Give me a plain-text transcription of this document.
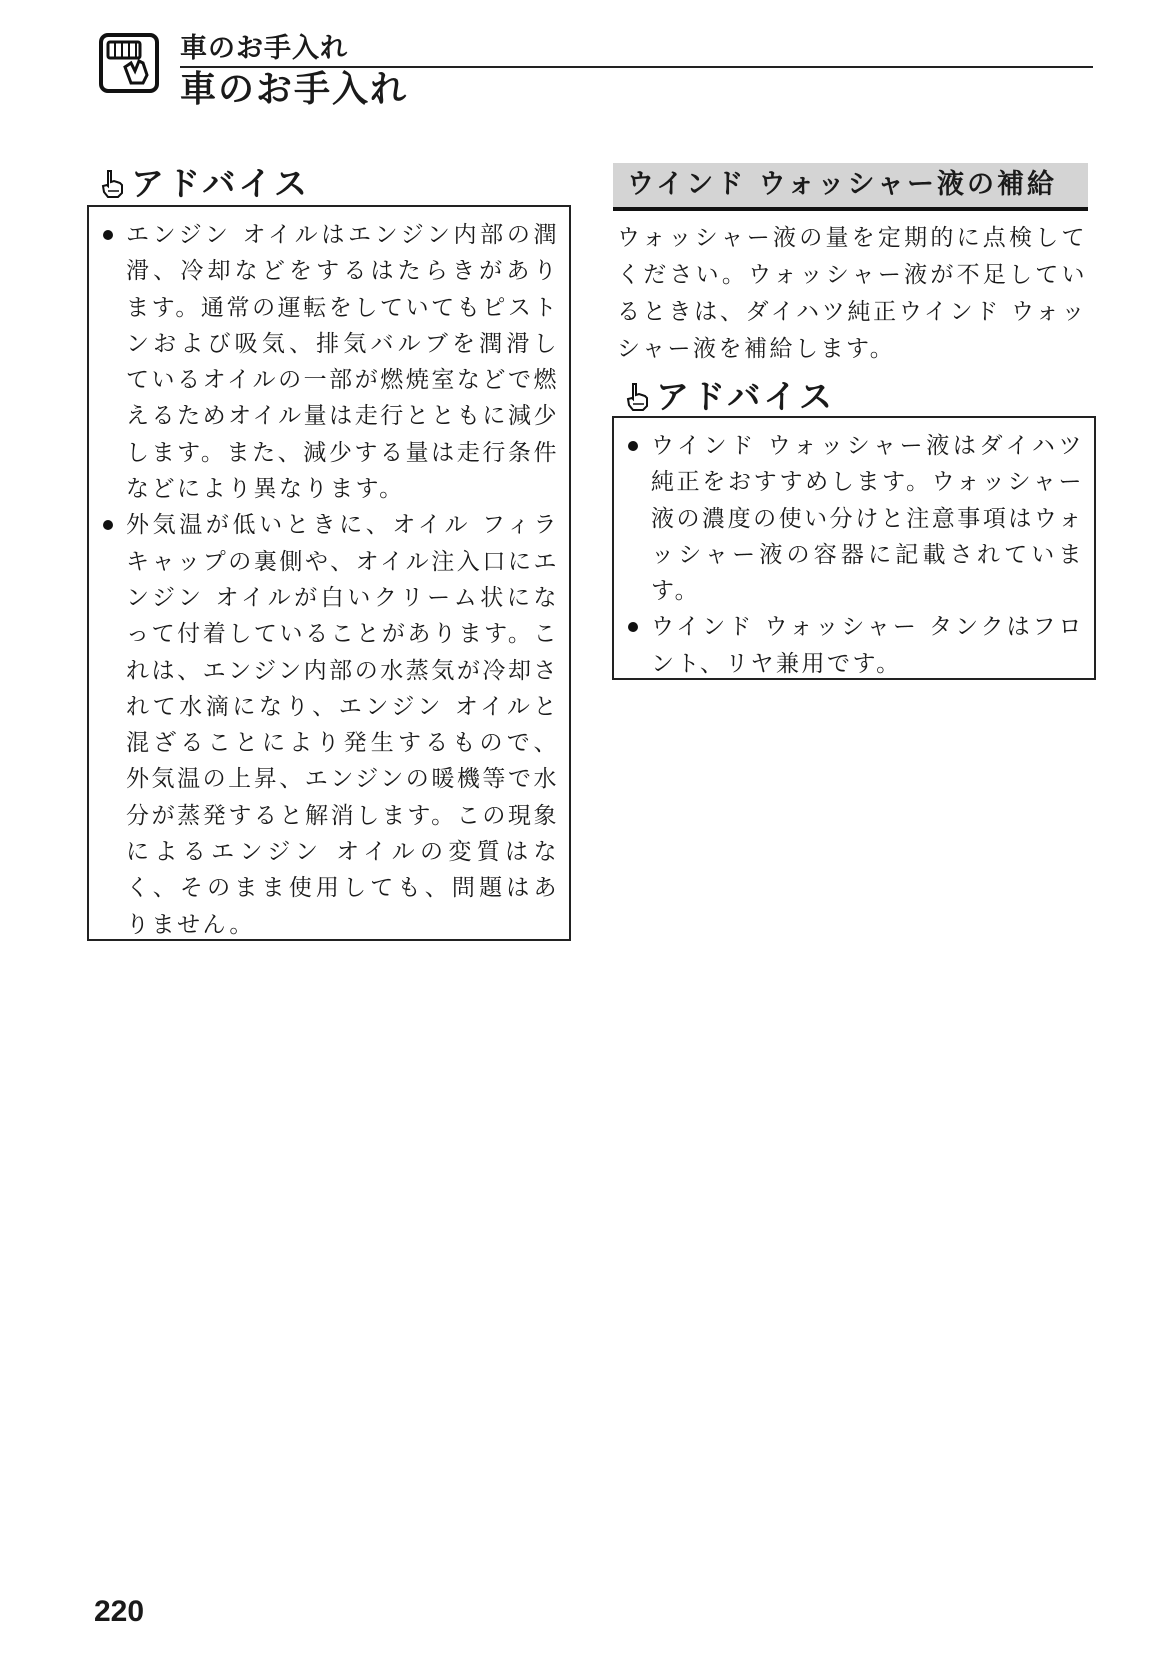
車のお手入れ
車のお手入れ
アドバイス
エンジン オイルはエンジン内部の潤滑、冷却などをするはたらきがあります。通常の運転をしていてもピストンおよび吸気、排気バルブを潤滑しているオイルの一部が燃焼室などで燃えるためオイル量は走行とともに減少します。また、減少する量は走行条件などにより異なります。
外気温が低いときに、オイル フィラキャップの裏側や、オイル注入口にエンジン オイルが白いクリーム状になって付着していることがあります。これは、エンジン内部の水蒸気が冷却されて水滴になり、エンジン オイルと混ざることにより発生するもので、外気温の上昇、エンジンの暖機等で水分が蒸発すると解消します。この現象によるエンジン オイルの変質はなく、そのまま使用しても、問題はありません。
ウインド ウォッシャー液の補給
ウォッシャー液の量を定期的に点検してください。ウォッシャー液が不足しているときは、ダイハツ純正ウインド ウォッシャー液を補給します。
アドバイス
ウインド ウォッシャー液はダイハツ純正をおすすめします。ウォッシャー液の濃度の使い分けと注意事項はウォッシャー液の容器に記載されています。
ウインド ウォッシャー タンクはフロント、リヤ兼用です。
220
